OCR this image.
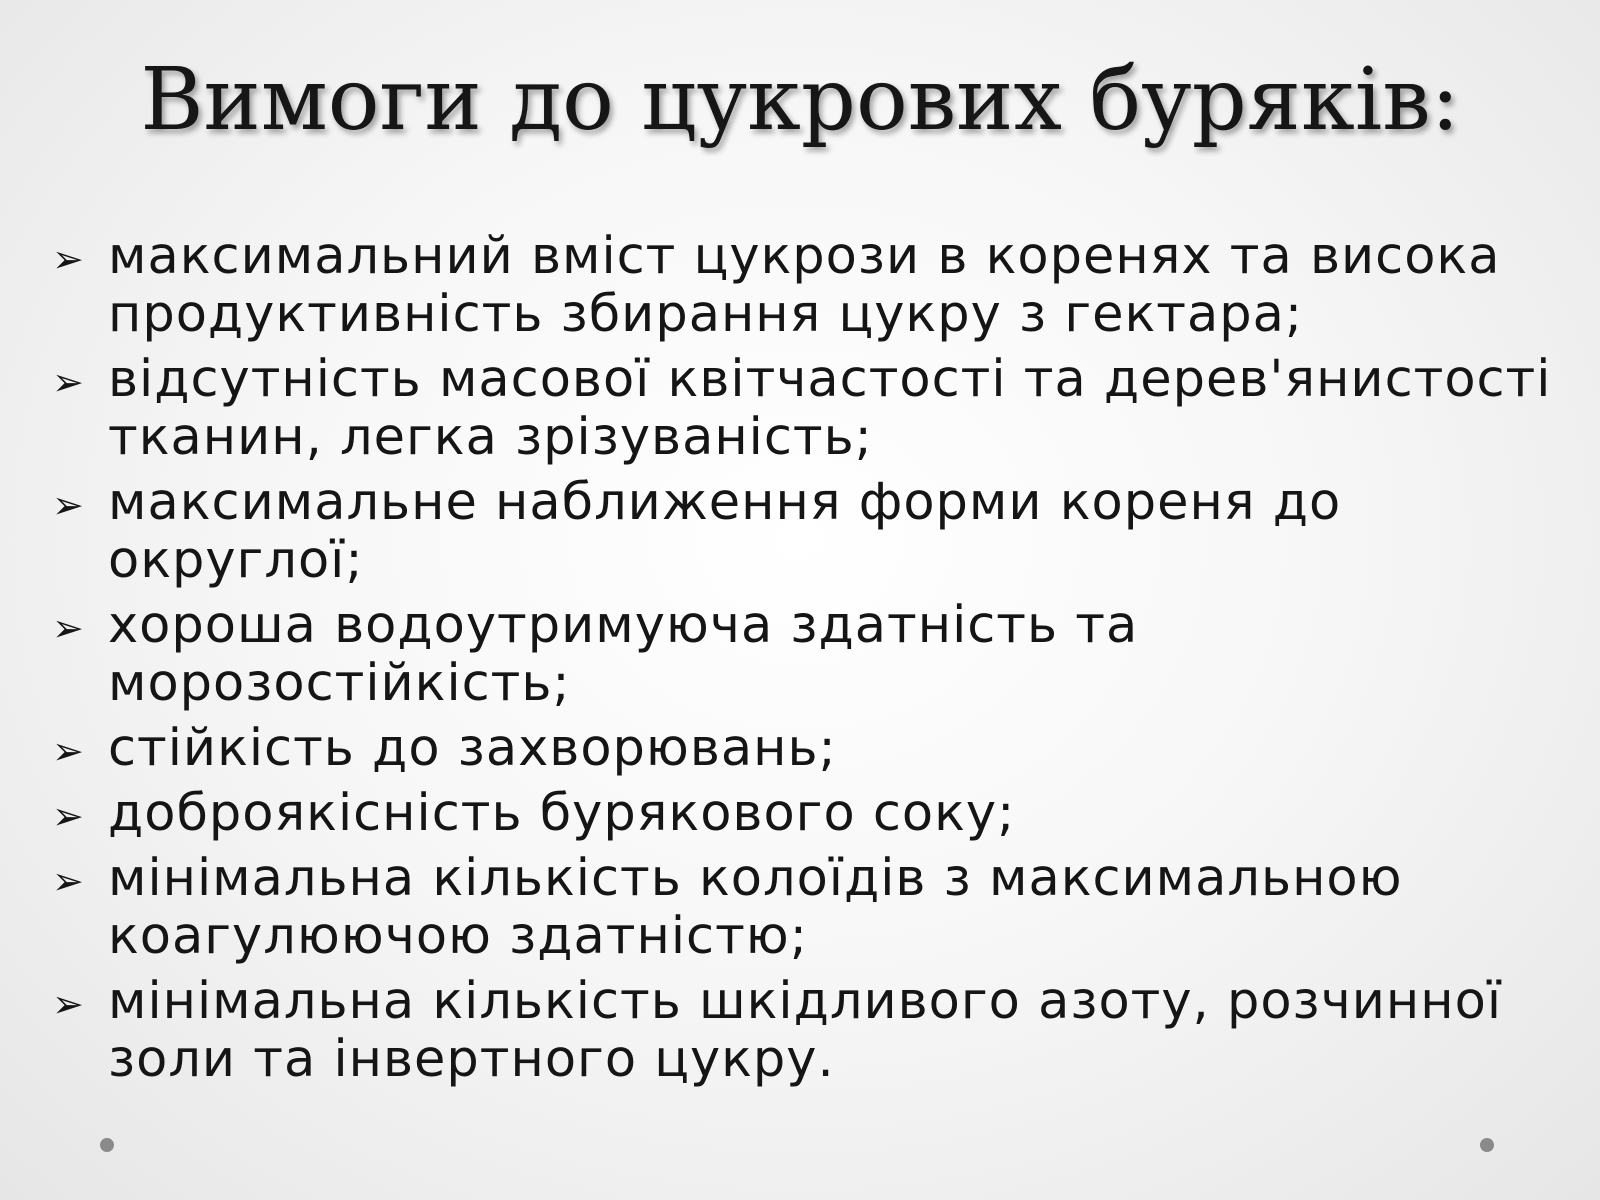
Вимоги до цукрових буряків:
➢ максимальний вміст цукрози в коренях та висока продуктивність збирання цукру з гектара;
➢ відсутність масової квітчастості та дерев'янистості тканин, легка зрізуваність;
➢ максимальне наближення форми кореня до округлої;
➢ хороша водоутримуюча здатність та морозостійкість;
➢ стійкість до захворювань;
➢ доброякісність бурякового соку;
➢ мінімальна кількість колоїдів з максимальною коагулюючою здатністю;
➢ мінімальна кількість шкідливого азоту, розчинної золи та інвертного цукру.
